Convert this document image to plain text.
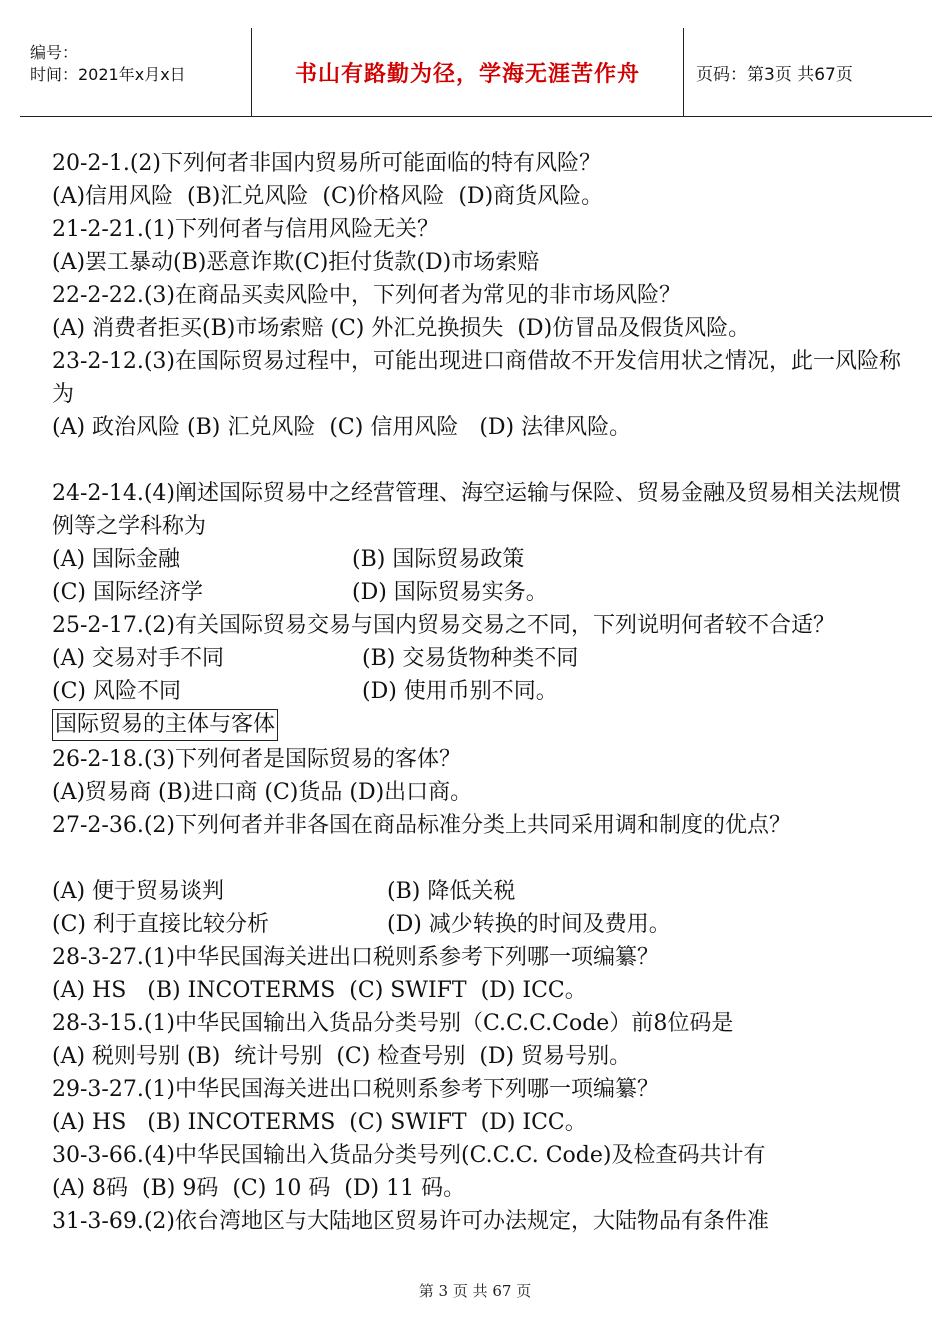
编号：
时间：2021年x月x日	书山有路勤为径，学海无涯苦作舟	页码：第3页 共67页
20-2-1.(2)下列何者非国内贸易所可能面临的特有风险？
(A)信用风险  (B)汇兑风险  (C)价格风险  (D)商货风险。
21-2-21.(1)下列何者与信用风险无关？
(A)罢工暴动(B)恶意诈欺(C)拒付货款(D)市场索赔
22-2-22.(3)在商品买卖风险中，下列何者为常见的非市场风险？
(A) 消费者拒买(B)市场索赔 (C) 外汇兑换损失  (D)仿冒品及假货风险。
23-2-12.(3)在国际贸易过程中，可能出现进口商借故不开发信用状之情况，此一风险称为
(A) 政治风险 (B) 汇兑风险  (C) 信用风险   (D) 法律风险。
24-2-14.(4)阐述国际贸易中之经营管理、海空运输与保险、贸易金融及贸易相关法规惯例等之学科称为
(A) 国际金融	(B) 国际贸易政策
(C) 国际经济学	(D) 国际贸易实务。
25-2-17.(2)有关国际贸易交易与国内贸易交易之不同，下列说明何者较不合适？
(A) 交易对手不同	(B) 交易货物种类不同
(C) 风险不同	(D) 使用币别不同。
国际贸易的主体与客体
26-2-18.(3)下列何者是国际贸易的客体？
(A)贸易商 (B)进口商 (C)货品 (D)出口商。
27-2-36.(2)下列何者并非各国在商品标准分类上共同采用调和制度的优点？
(A) 便于贸易谈判	(B) 降低关税
(C) 利于直接比较分析	(D) 减少转换的时间及费用。
28-3-27.(1)中华民国海关进出口税则系参考下列哪一项编纂？
(A) HS   (B) INCOTERMS  (C) SWIFT  (D) ICC。
28-3-15.(1)中华民国输出入货品分类号别（C.C.C.Code）前8位码是
(A) 税则号别 (B)  统计号别  (C) 检查号别  (D) 贸易号别。
29-3-27.(1)中华民国海关进出口税则系参考下列哪一项编纂？
(A) HS   (B) INCOTERMS  (C) SWIFT  (D) ICC。
30-3-66.(4)中华民国输出入货品分类号列(C.C.C. Code)及检查码共计有
(A) 8码  (B) 9码  (C) 10 码  (D) 11 码。
31-3-69.(2)依台湾地区与大陆地区贸易许可办法规定，大陆物品有条件准
第 3 页 共 67 页
